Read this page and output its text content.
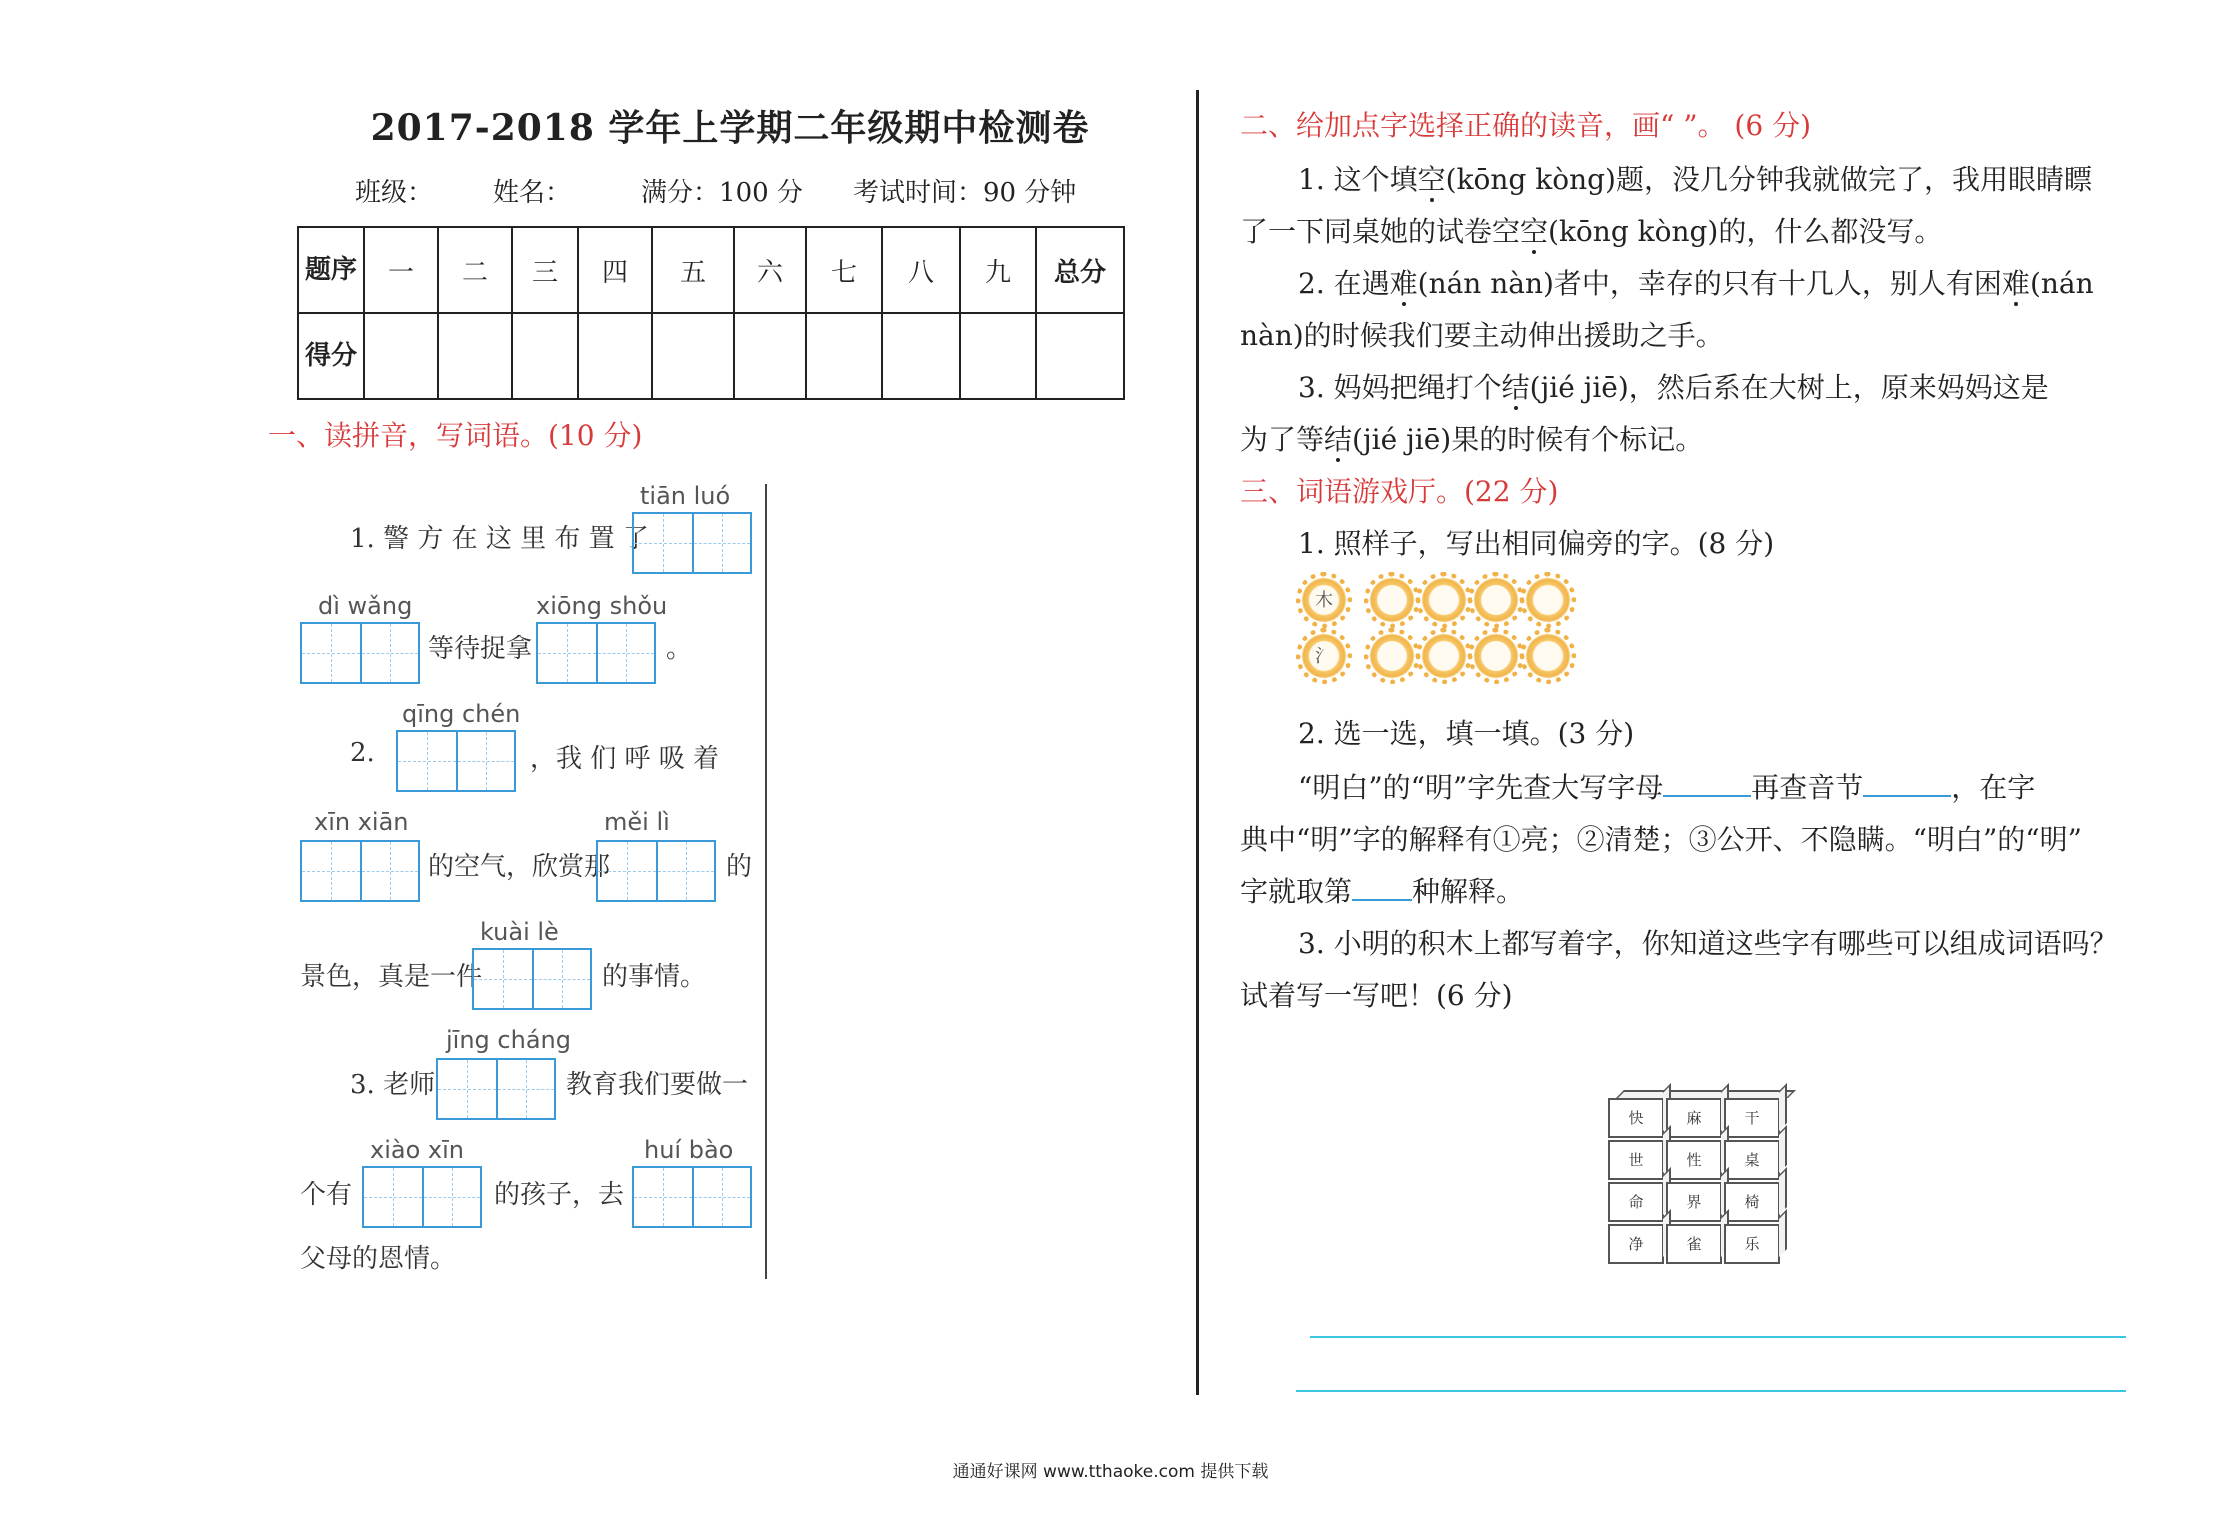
2017-2018 学年上学期二年级期中检测卷
班级： 姓名：	满分：100 分 考试时间：90 分钟
题序	一	二	三	四	五	六	七	八	九	总分
得分										
一、读拼音，写词语。(10 分)
1. 警 方 在 这 里 布 置 了
tiān luó
dì wǎng
等待捉拿
xiōng shǒu
。
2.
qīng chén
，我 们 呼 吸 着
xīn xiān
的空气，欣赏那
měi lì
的
景色，真是一件
kuài lè
的事情。
3. 老师
jīng cháng
教育我们要做一
xiào xīn
个有	的孩子，去
huí bào
父母的恩情。
二、给加点字选择正确的读音，画“ ”。 (6 分)
1. 这个填空(kōng kòng)题，没几分钟我就做完了，我用眼睛瞟
了一下同桌她的试卷空空(kōng kòng)的，什么都没写。
2. 在遇难(nán nàn)者中，幸存的只有十几人，别人有困难(nán
nàn)的时候我们要主动伸出援助之手。
3. 妈妈把绳打个结(jié jiē)，然后系在大树上，原来妈妈这是
为了等结(jié jiē)果的时候有个标记。
三、词语游戏厅。(22 分)
1. 照样子，写出相同偏旁的字。(8 分)
木
氵
2. 选一选，填一填。(3 分)
“明白”的“明”字先查大写字母	再查音节	，在字
典中“明”字的解释有①亮；②清楚；③公开、不隐瞒。“明白”的“明”
字就取第 种解释。
3. 小明的积木上都写着字，你知道这些字有哪些可以组成词语吗？
试着写一写吧！(6 分)
快	麻	干
世	性	桌
命	界	椅
净	雀	乐
通通好课网 www.tthaoke.com 提供下载
